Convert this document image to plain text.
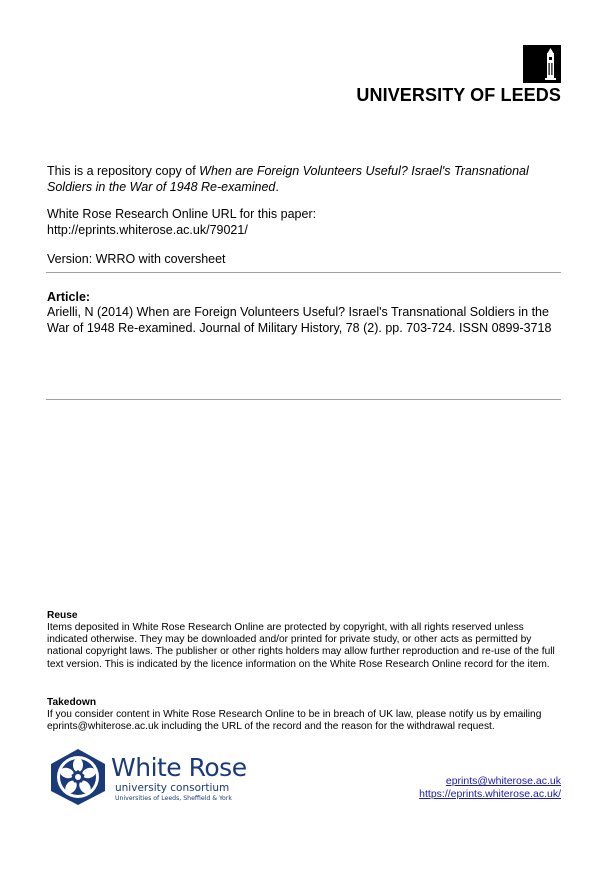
UNIVERSITY OF LEEDS
This is a repository copy of When are Foreign Volunteers Useful? Israel's Transnational Soldiers in the War of 1948 Re-examined.
White Rose Research Online URL for this paper:
http://eprints.whiterose.ac.uk/79021/
Version: WRRO with coversheet
Article:
Arielli, N (2014) When are Foreign Volunteers Useful? Israel's Transnational Soldiers in the War of 1948 Re-examined. Journal of Military History, 78 (2). pp. 703-724. ISSN 0899-3718
Reuse
Items deposited in White Rose Research Online are protected by copyright, with all rights reserved unless indicated otherwise. They may be downloaded and/or printed for private study, or other acts as permitted by national copyright laws. The publisher or other rights holders may allow further reproduction and re-use of the full text version. This is indicated by the licence information on the White Rose Research Online record for the item.
Takedown
If you consider content in White Rose Research Online to be in breach of UK law, please notify us by emailing eprints@whiterose.ac.uk including the URL of the record and the reason for the withdrawal request.
White Rose
university consortium
Universities of Leeds, Sheffield & York
eprints@whiterose.ac.uk
https://eprints.whiterose.ac.uk/
